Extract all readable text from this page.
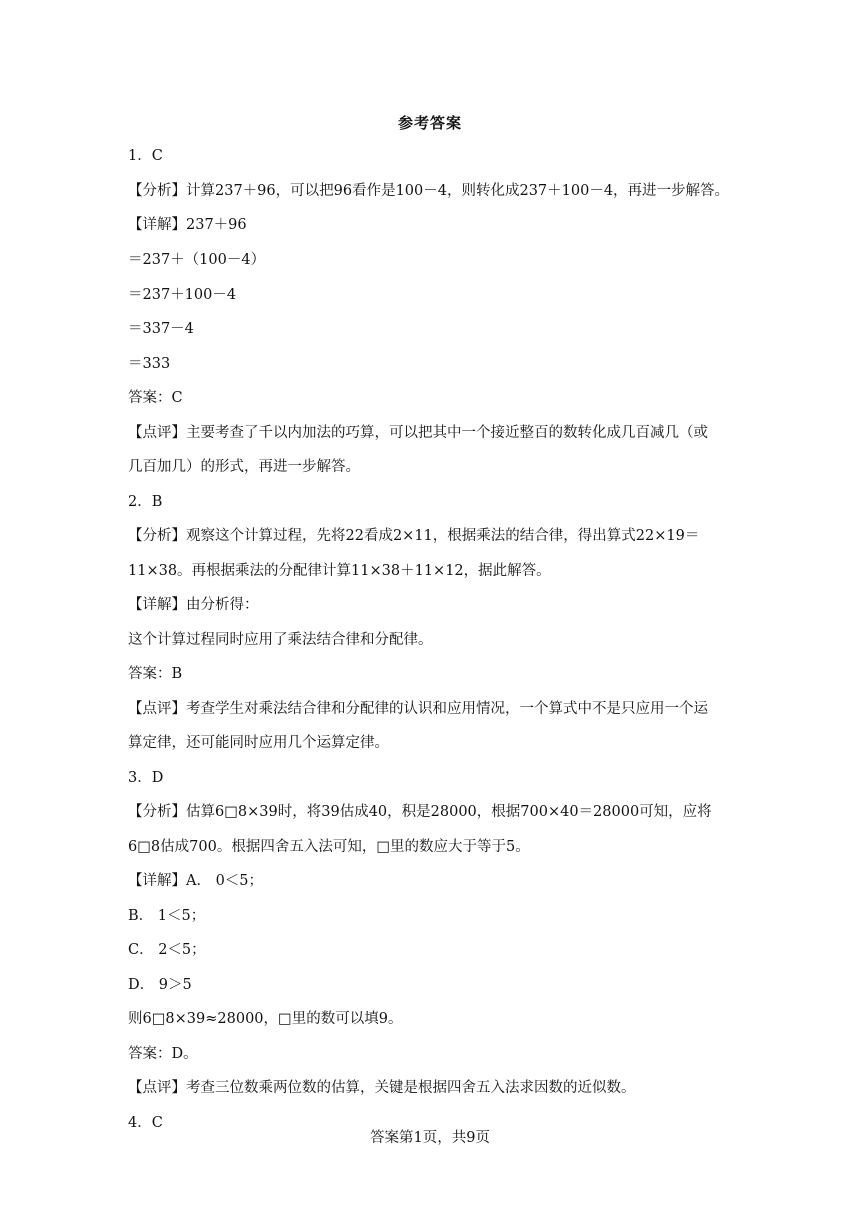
参考答案
1．C
【分析】计算237＋96，可以把96看作是100－4，则转化成237＋100－4，再进一步解答。
【详解】237＋96
＝237＋（100－4）
＝237＋100－4
＝337－4
＝333
答案：C
【点评】主要考查了千以内加法的巧算，可以把其中一个接近整百的数转化成几百减几（或
几百加几）的形式，再进一步解答。
2．B
【分析】观察这个计算过程，先将22看成2×11，根据乘法的结合律，得出算式22×19＝
11×38。再根据乘法的分配律计算11×38＋11×12，据此解答。
【详解】由分析得：
这个计算过程同时应用了乘法结合律和分配律。
答案：B
【点评】考查学生对乘法结合律和分配律的认识和应用情况，一个算式中不是只应用一个运
算定律，还可能同时应用几个运算定律。
3．D
【分析】估算6□8×39时，将39估成40，积是28000，根据700×40＝28000可知，应将
6□8估成700。根据四舍五入法可知，□里的数应大于等于5。
【详解】A． 0＜5；
B． 1＜5；
C． 2＜5；
D． 9＞5
则6□8×39≈28000，□里的数可以填9。
答案：D。
【点评】考查三位数乘两位数的估算，关键是根据四舍五入法求因数的近似数。
4．C
答案第1页，共9页
